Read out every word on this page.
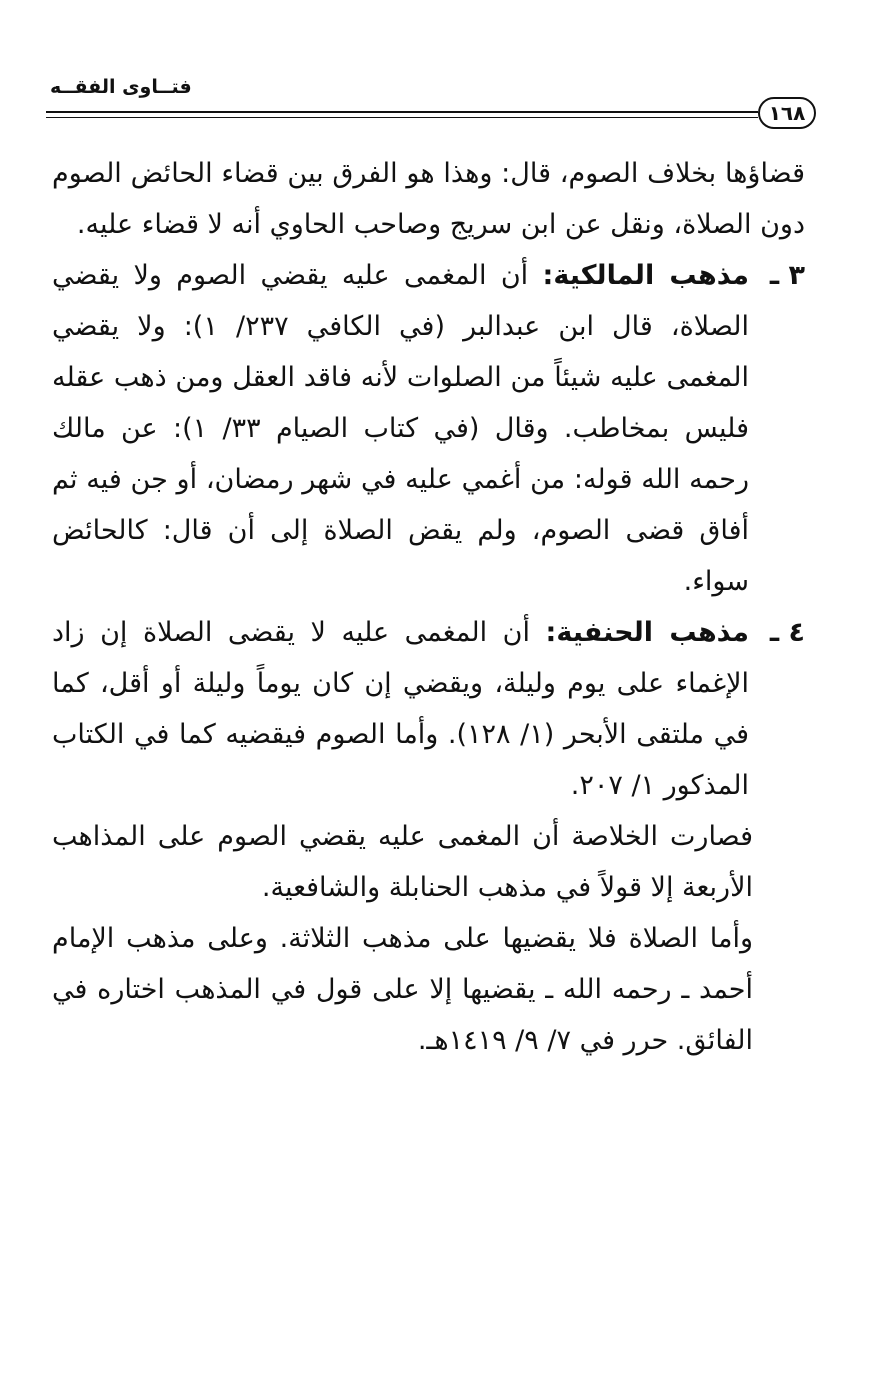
فتــاوى الفقــه
١٦٨

قضاؤها بخلاف الصوم، قال: وهذا هو الفرق بين قضاء الحائض الصوم دون الصلاة، ونقل عن ابن سريج وصاحب الحاوي أنه لا قضاء عليه.

٣ ـ
مذهب المالكية: أن المغمى عليه يقضي الصوم ولا يقضي الصلاة، قال ابن عبدالبر (في الكافي ٢٣٧/ ١): ولا يقضي المغمى عليه شيئاً من الصلوات لأنه فاقد العقل ومن ذهب عقله فليس بمخاطب. وقال (في كتاب الصيام ٣٣/ ١): عن مالك رحمه الله قوله: من أغمي عليه في شهر رمضان، أو جن فيه ثم أفاق قضى الصوم، ولم يقض الصلاة إلى أن قال: كالحائض سواء.

٤ ـ
مذهب الحنفية: أن المغمى عليه لا يقضى الصلاة إن زاد الإغماء على يوم وليلة، ويقضي إن كان يوماً وليلة أو أقل، كما في ملتقى الأبحر (١/ ١٢٨). وأما الصوم فيقضيه كما في الكتاب المذكور ١/ ٢٠٧.

فصارت الخلاصة أن المغمى عليه يقضي الصوم على المذاهب الأربعة إلا قولاً في مذهب الحنابلة والشافعية.

وأما الصلاة فلا يقضيها على مذهب الثلاثة. وعلى مذهب الإمام أحمد ـ رحمه الله ـ يقضيها إلا على قول في المذهب اختاره في الفائق. حرر في ٧/ ٩/ ١٤١٩هـ.
